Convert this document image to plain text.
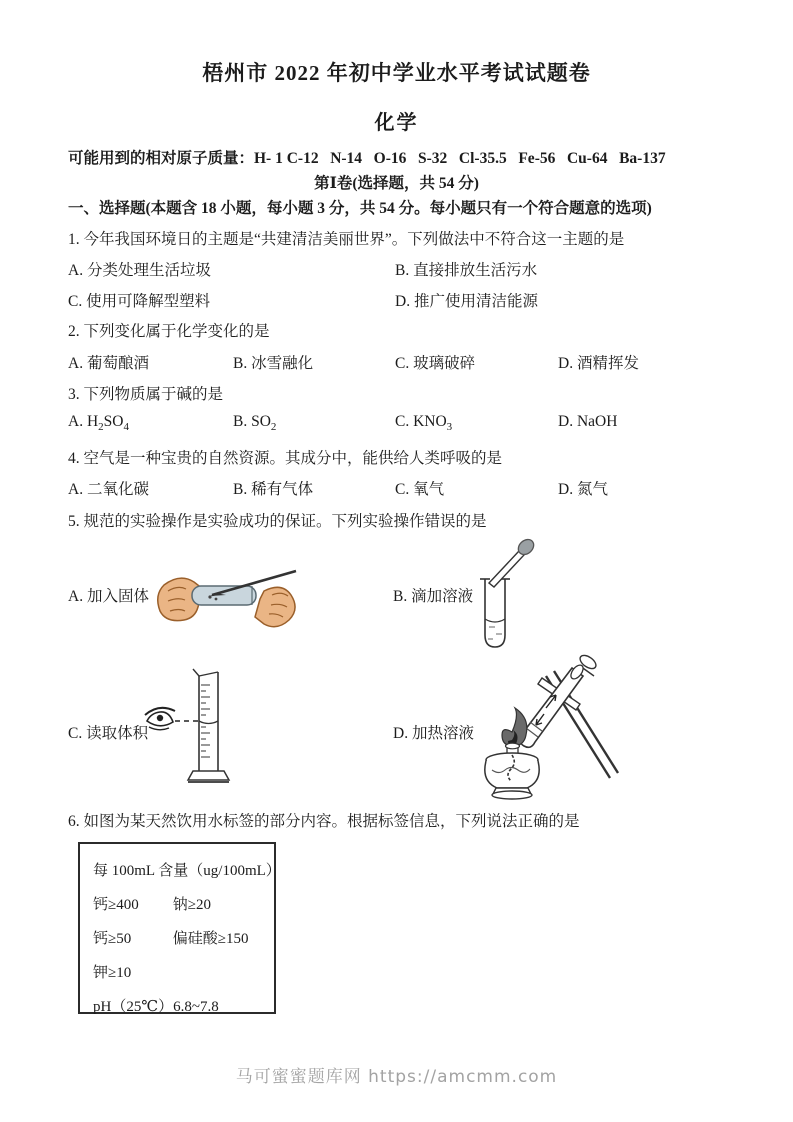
梧州市 2022 年初中学业水平考试试题卷
化学
可能用到的相对原子质量：H- 1 C-12   N-14   O-16   S-32   Cl-35.5   Fe-56   Cu-64   Ba-137
第Ⅰ卷(选择题，共 54 分)
一、选择题(本题含 18 小题，每小题 3 分，共 54 分。每小题只有一个符合题意的选项)
1. 今年我国环境日的主题是“共建清洁美丽世界”。下列做法中不符合这一主题的是
A. 分类处理生活垃圾	B. 直接排放生活污水
C. 使用可降解型塑料	D. 推广使用清洁能源
2. 下列变化属于化学变化的是
A. 葡萄酿酒	B. 冰雪融化	C. 玻璃破碎	D. 酒精挥发
3. 下列物质属于碱的是
A. $H_2SO_4$	B. $SO_2$	C. $KNO_3$	D. NaOH
4. 空气是一种宝贵的自然资源。其成分中，能供给人类呼吸的是
A. 二氧化碳	B. 稀有气体	C. 氧气	D. 氮气
5. 规范的实验操作是实验成功的保证。下列实验操作错误的是
A. 加入固体	B. 滴加溶液
C. 读取体积	D. 加热溶液
6. 如图为某天然饮用水标签的部分内容。根据标签信息，下列说法正确的是
每 100mL 含量（ug/100mL）
钙≥400 钠≥20
钙≥50	偏硅酸≥150
钾≥10
pH（25℃）6.8~7.8
马可蜜蜜题库网 https://amcmm.com
